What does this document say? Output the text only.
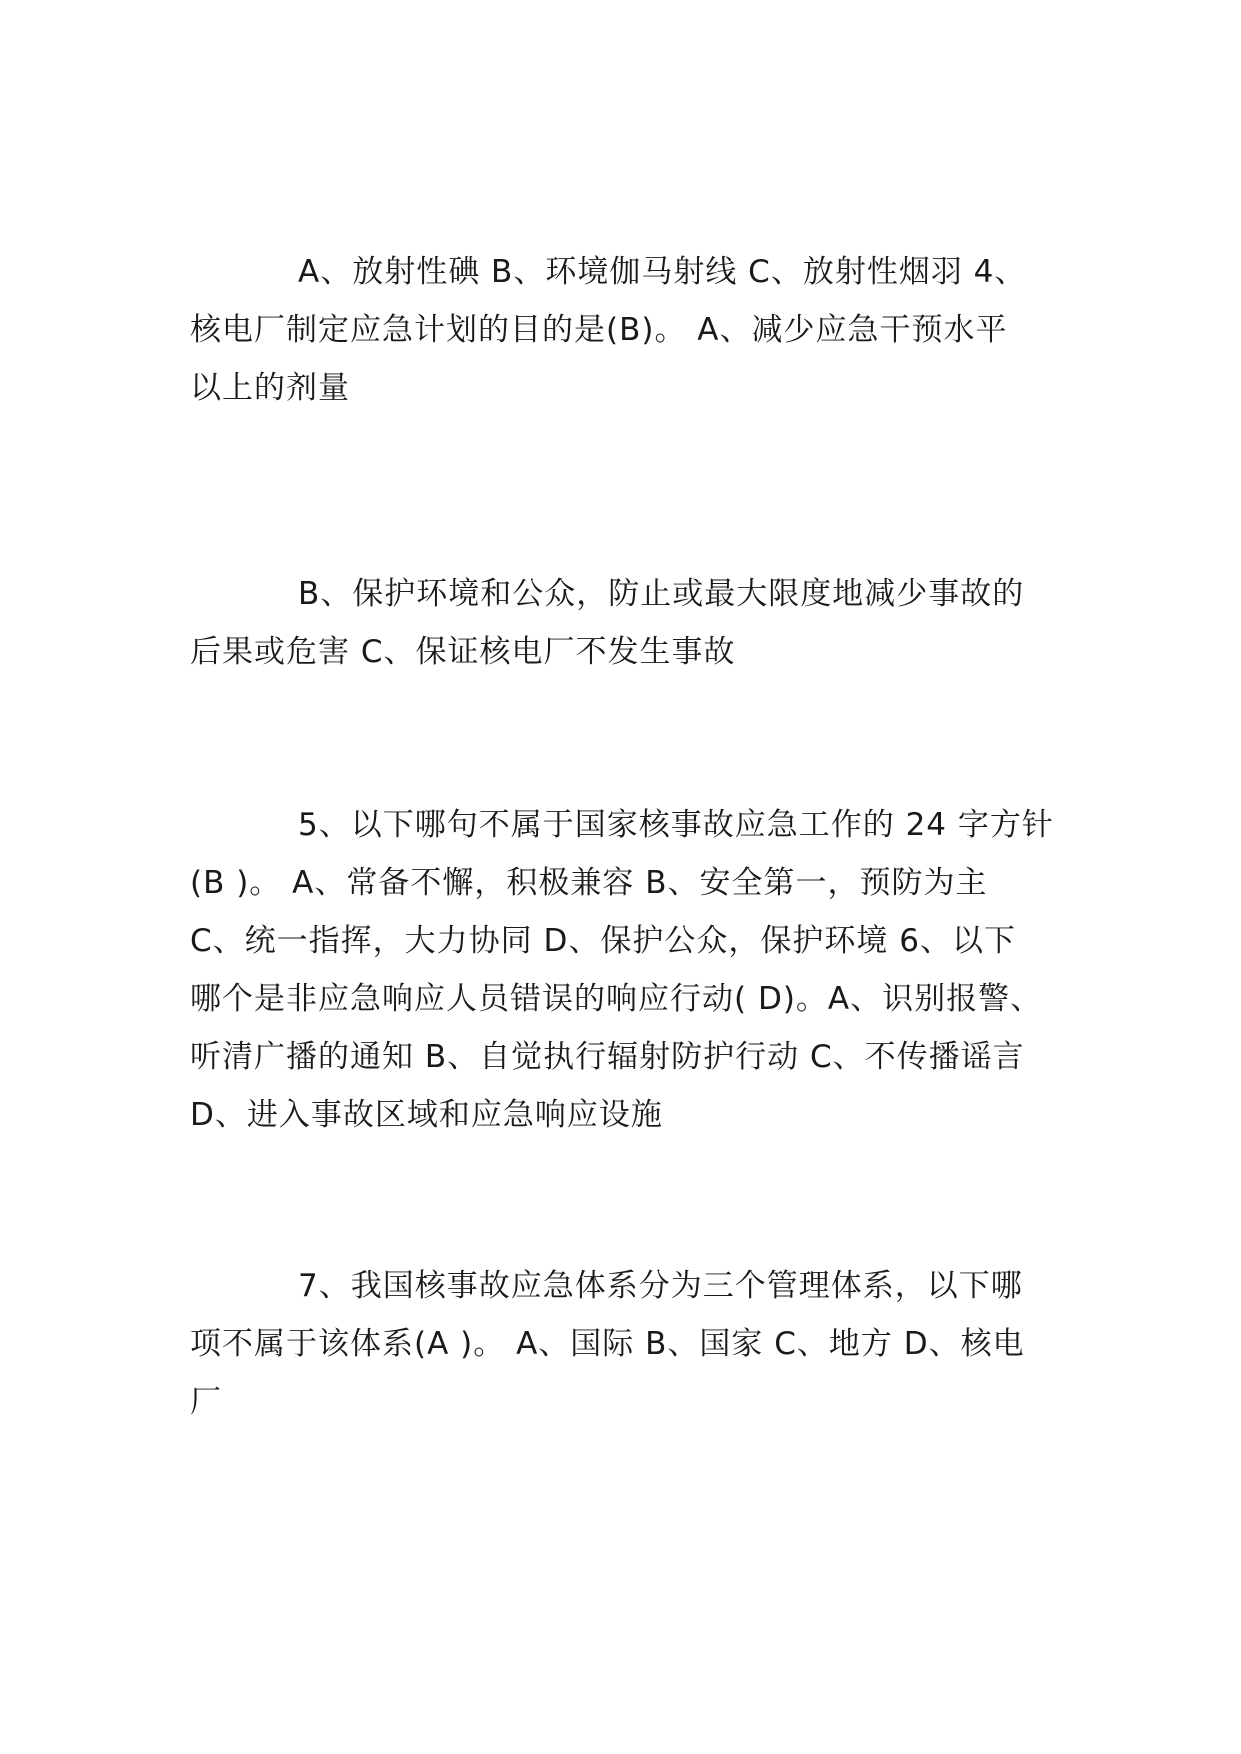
A、放射性碘 B、环境伽马射线 C、放射性烟羽 4、
核电厂制定应急计划的目的是(B)。 A、减少应急干预水平
以上的剂量
B、保护环境和公众，防止或最大限度地减少事故的
后果或危害 C、保证核电厂不发生事故
5、以下哪句不属于国家核事故应急工作的 24 字方针
(B )。 A、常备不懈，积极兼容 B、安全第一，预防为主
C、统一指挥，大力协同 D、保护公众，保护环境 6、以下
哪个是非应急响应人员错误的响应行动( D)。A、识别报警、
听清广播的通知 B、自觉执行辐射防护行动 C、不传播谣言
D、进入事故区域和应急响应设施
7、我国核事故应急体系分为三个管理体系，以下哪
项不属于该体系(A )。 A、国际 B、国家 C、地方 D、核电
厂
